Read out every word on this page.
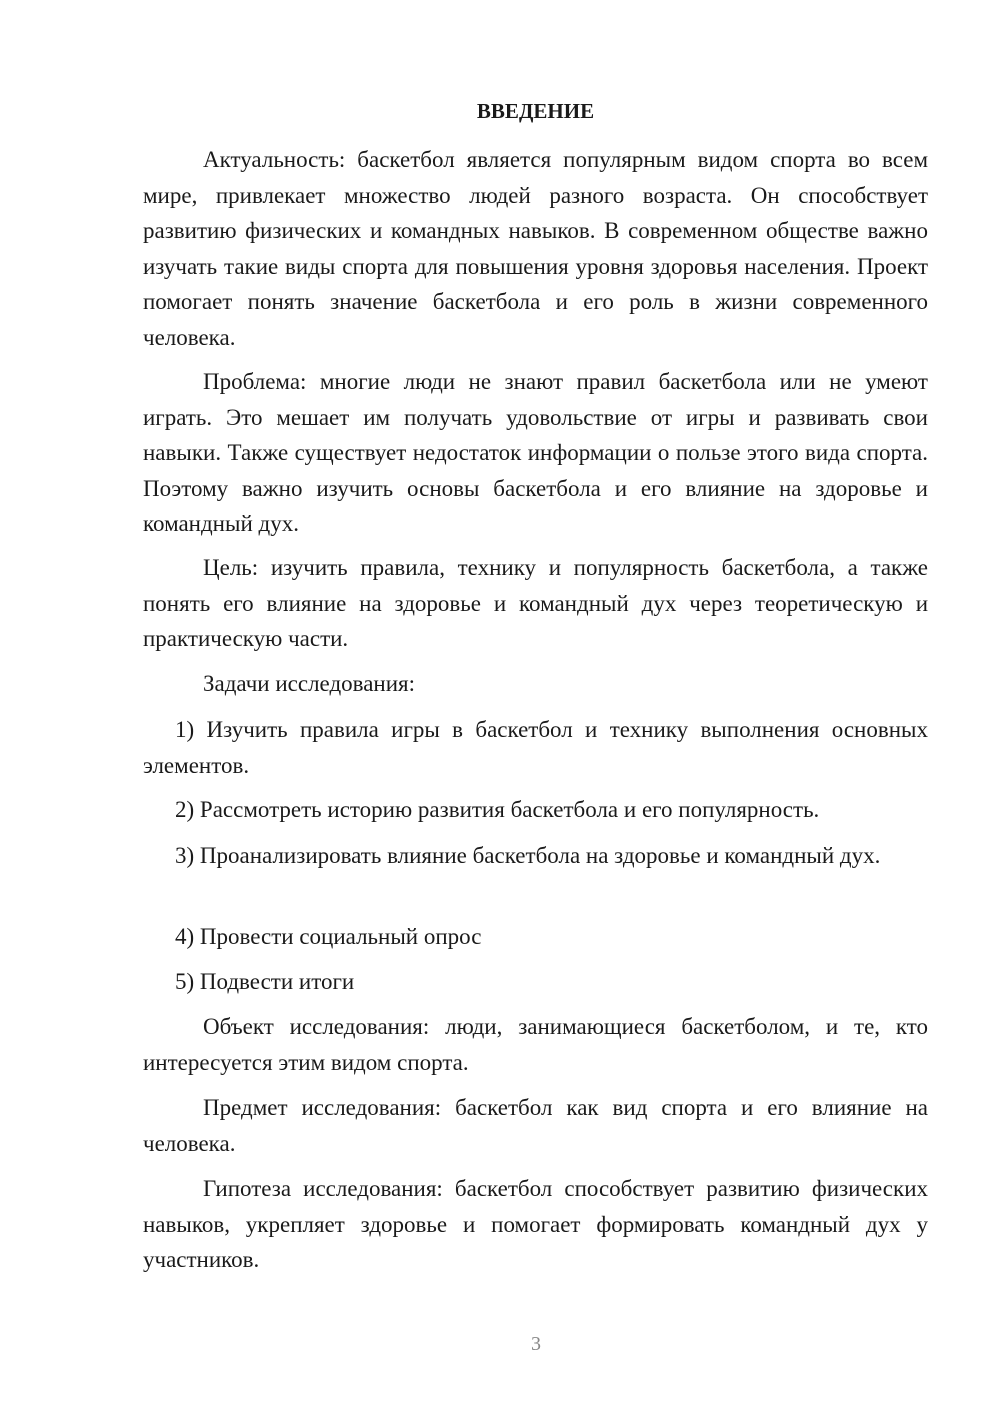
ВВЕДЕНИЕ

Актуальность: баскетбол является популярным видом спорта во всем мире, привлекает множество людей разного возраста. Он способствует развитию физических и командных навыков. В современном обществе важно изучать такие виды спорта для повышения уровня здоровья населения. Проект помогает понять значение баскетбола и его роль в жизни современного человека.

Проблема: многие люди не знают правил баскетбола или не умеют играть. Это мешает им получать удовольствие от игры и развивать свои навыки. Также существует недостаток информации о пользе этого вида спорта. Поэтому важно изучить основы баскетбола и его влияние на здоровье и командный дух.

Цель: изучить правила, технику и популярность баскетбола, а также понять его влияние на здоровье и командный дух через теоретическую и практическую части.

Задачи исследования:

1) Изучить правила игры в баскетбол и технику выполнения основных элементов.

2) Рассмотреть историю развития баскетбола и его популярность.

3) Проанализировать влияние баскетбола на здоровье и командный дух.

4) Провести социальный опрос

5) Подвести итоги

Объект исследования: люди, занимающиеся баскетболом, и те, кто интересуется этим видом спорта.

Предмет исследования: баскетбол как вид спорта и его влияние на человека.

Гипотеза исследования: баскетбол способствует развитию физических навыков, укрепляет здоровье и помогает формировать командный дух у участников.

3
